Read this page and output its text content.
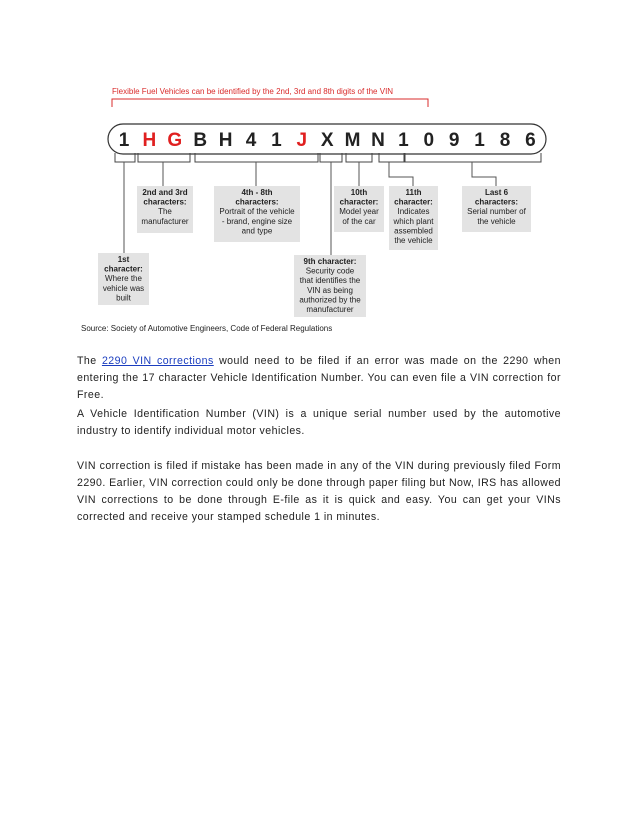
Flexible Fuel Vehicles can be identified by the 2nd, 3rd and 8th digits of the VIN
1 H G B H 4 1 J X M N 1 0 9 1 8 6
1st
character:
Where the
vehicle was
built
2nd and 3rd
characters:
The
manufacturer
4th - 8th
characters:
Portrait of the vehicle
- brand, engine size
and type
9th character:
Security code
that identifies the
VIN as being
authorized by the
manufacturer
10th
character:
Model year
of the car
11th
character:
Indicates
which plant
assembled
the vehicle
Last 6
characters:
Serial number of
the vehicle
Source: Society of Automotive Engineers, Code of Federal Regulations

The 2290 VIN corrections would need to be filed if an error was made on the 2290 when entering the 17 character Vehicle Identification Number. You can even file a VIN correction for Free.

A Vehicle Identification Number (VIN) is a unique serial number used by the automotive industry to identify individual motor vehicles.

VIN correction is filed if mistake has been made in any of the VIN during previously filed Form 2290. Earlier, VIN correction could only be done through paper filing but Now, IRS has allowed VIN corrections to be done through E-file as it is quick and easy. You can get your VINs corrected and receive your stamped schedule 1 in minutes.
